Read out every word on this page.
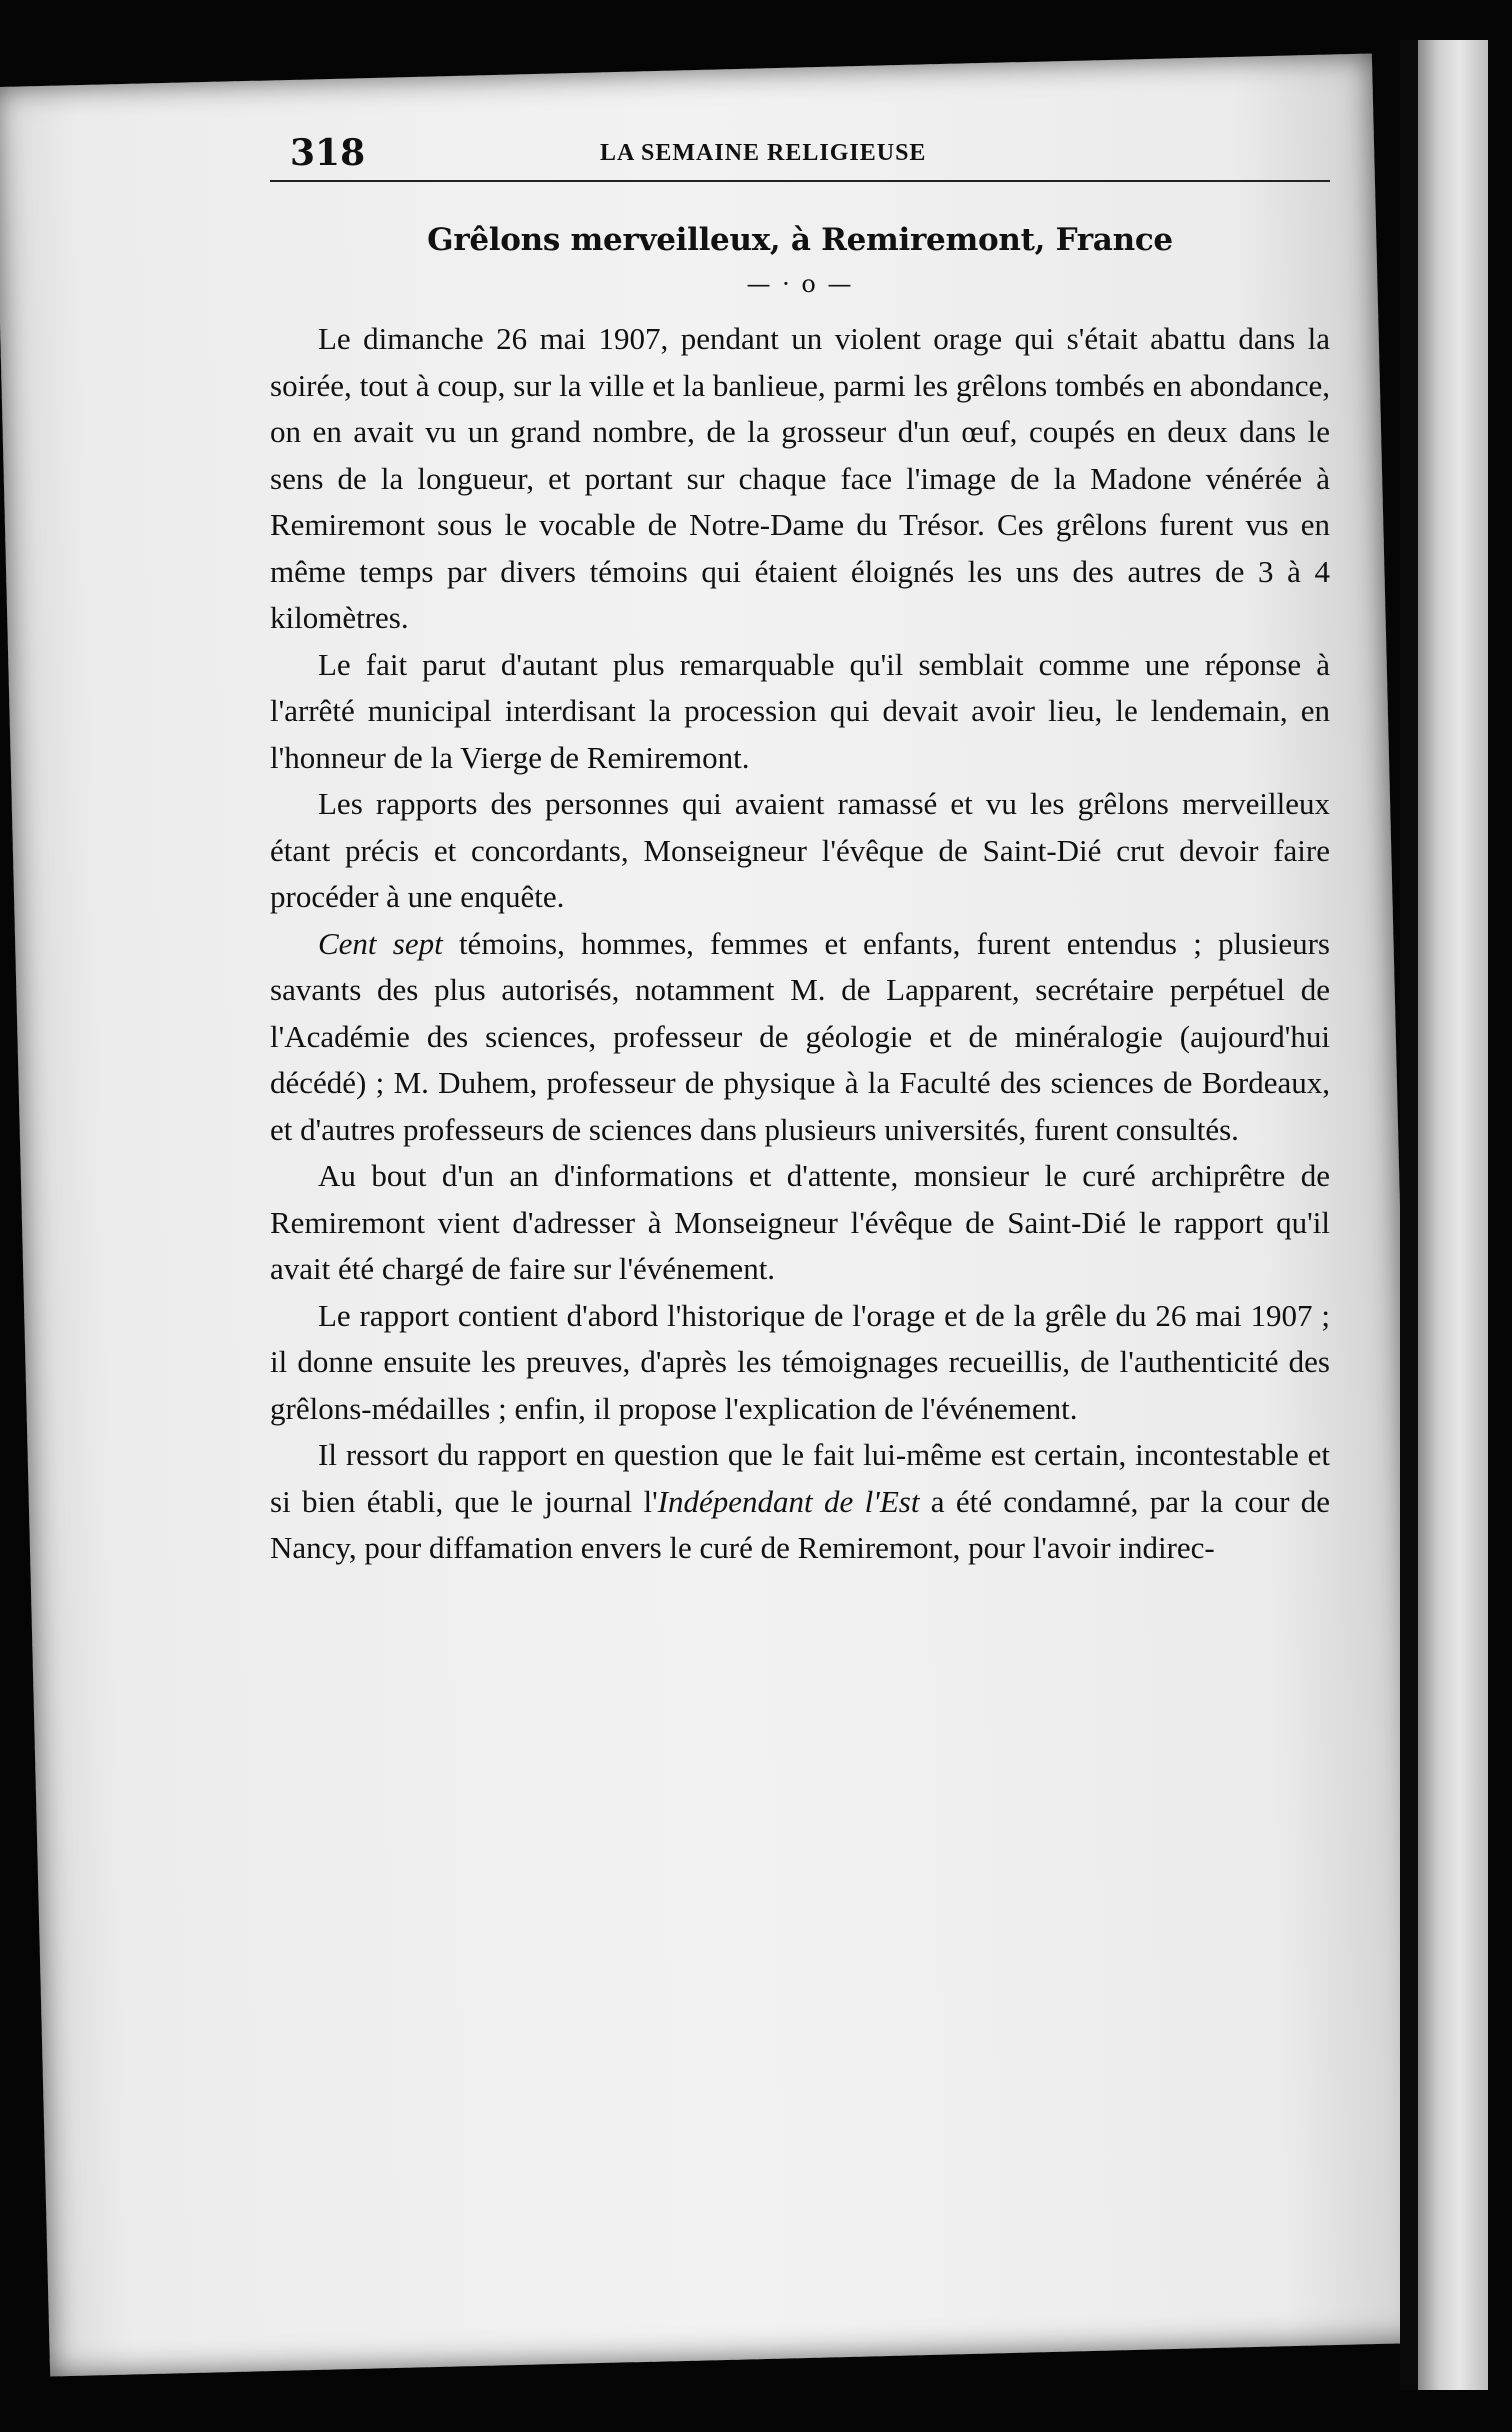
318	LA SEMAINE RELIGIEUSE
Grêlons merveilleux, à Remiremont, France
— · o —

Le dimanche 26 mai 1907, pendant un violent orage qui s'était abattu dans la soirée, tout à coup, sur la ville et la banlieue, parmi les grêlons tombés en abondance, on en avait vu un grand nombre, de la grosseur d'un œuf, coupés en deux dans le sens de la longueur, et portant sur chaque face l'image de la Madone vénérée à Remiremont sous le vocable de Notre-Dame du Trésor. Ces grêlons furent vus en même temps par divers témoins qui étaient éloignés les uns des autres de 3 à 4 kilomètres.

Le fait parut d'autant plus remarquable qu'il semblait comme une réponse à l'arrêté municipal interdisant la procession qui devait avoir lieu, le lendemain, en l'honneur de la Vierge de Remiremont.

Les rapports des personnes qui avaient ramassé et vu les grêlons merveilleux étant précis et concordants, Monseigneur l'évêque de Saint-Dié crut devoir faire procéder à une enquête.

Cent sept témoins, hommes, femmes et enfants, furent entendus ; plusieurs savants des plus autorisés, notamment M. de Lapparent, secrétaire perpétuel de l'Académie des sciences, professeur de géologie et de minéralogie (aujourd'hui décédé) ; M. Duhem, professeur de physique à la Faculté des sciences de Bordeaux, et d'autres professeurs de sciences dans plusieurs universités, furent consultés.

Au bout d'un an d'informations et d'attente, monsieur le curé archiprêtre de Remiremont vient d'adresser à Monseigneur l'évêque de Saint-Dié le rapport qu'il avait été chargé de faire sur l'événement.

Le rapport contient d'abord l'historique de l'orage et de la grêle du 26 mai 1907 ; il donne ensuite les preuves, d'après les témoignages recueillis, de l'authenticité des grêlons-médailles ; enfin, il propose l'explication de l'événement.

Il ressort du rapport en question que le fait lui-même est certain, incontestable et si bien établi, que le journal l'Indépendant de l'Est a été condamné, par la cour de Nancy, pour diffamation envers le curé de Remiremont, pour l'avoir indirec-
